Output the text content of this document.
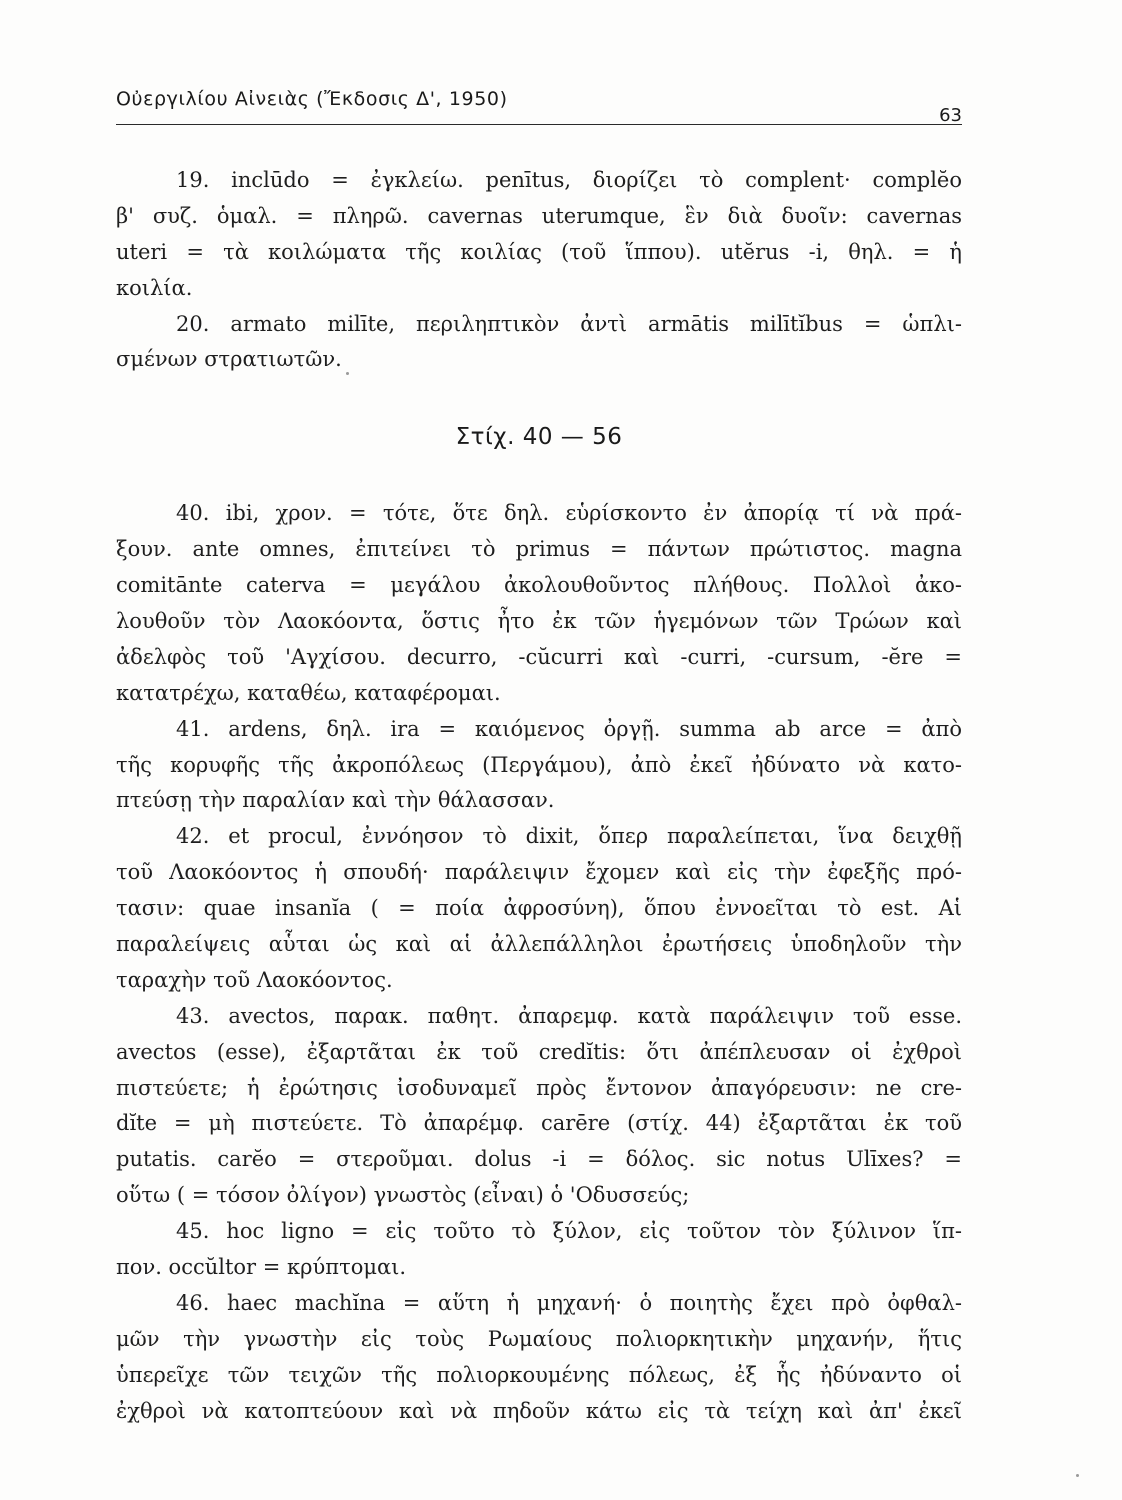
Οὐεργιλίου Αἰνειὰς (Ἔκδοσις Δ', 1950)
63
19. inclūdo = ἐγκλείω. penītus, διορίζει τὸ complent· complĕo
β' συζ. ὁμαλ. = πληρῶ. cavernas uterumque, ἓν διὰ δυοῖν: cavernas
uteri = τὰ κοιλώματα τῆς κοιλίας (τοῦ ἵππου). utĕrus -i, θηλ. = ἡ
κοιλία.
20. armato milīte, περιληπτικὸν ἀντὶ armātis milītĭbus = ὡπλι-
σμένων στρατιωτῶν.
Στίχ. 40 — 56
40. ibi, χρον. = τότε, ὅτε δηλ. εὑρίσκοντο ἐν ἀπορίᾳ τί νὰ πρά-
ξουν. ante omnes, ἐπιτείνει τὸ primus = πάντων πρώτιστος. magna
comitānte caterva = μεγάλου ἀκολουθοῦντος πλήθους. Πολλοὶ ἀκο-
λουθοῦν τὸν Λαοκόοντα, ὅστις ἦτο ἐκ τῶν ἡγεμόνων τῶν Τρώων καὶ
ἀδελφὸς τοῦ 'Αγχίσου. decurro, -cŭcurri καὶ -curri, -cursum, -ĕre =
κατατρέχω, καταθέω, καταφέρομαι.
41. ardens, δηλ. ira = καιόμενος ὀργῇ. summa ab arce = ἀπὸ
τῆς κορυφῆς τῆς ἀκροπόλεως (Περγάμου), ἀπὸ ἐκεῖ ἠδύνατο νὰ κατο-
πτεύσῃ τὴν παραλίαν καὶ τὴν θάλασσαν.
42. et procul, ἐννόησον τὸ dixit, ὅπερ παραλείπεται, ἵνα δειχθῇ
τοῦ Λαοκόοντος ἡ σπουδή· παράλειψιν ἔχομεν καὶ εἰς τὴν ἐφεξῆς πρό-
τασιν: quae insanĭa ( = ποία ἀφροσύνη), ὅπου ἐννοεῖται τὸ est. Αἱ
παραλείψεις αὗται ὡς καὶ αἱ ἀλλεπάλληλοι ἐρωτήσεις ὑποδηλοῦν τὴν
ταραχὴν τοῦ Λαοκόοντος.
43. avectos, παρακ. παθητ. ἀπαρεμφ. κατὰ παράλειψιν τοῦ esse.
avectos (esse), ἐξαρτᾶται ἐκ τοῦ credĭtis: ὅτι ἀπέπλευσαν οἱ ἐχθροὶ
πιστεύετε; ἡ ἐρώτησις ἰσοδυναμεῖ πρὸς ἔντονον ἀπαγόρευσιν: ne cre-
dĭte = μὴ πιστεύετε. Τὸ ἀπαρέμφ. carēre (στίχ. 44) ἐξαρτᾶται ἐκ τοῦ
putatis. carĕo = στεροῦμαι. dolus -i = δόλος. sic notus Ulīxes? =
οὕτω ( = τόσον ὀλίγον) γνωστὸς (εἶναι) ὁ 'Οδυσσεύς;
45. hoc ligno = εἰς τοῦτο τὸ ξύλον, εἰς τοῦτον τὸν ξύλινον ἵπ-
πον. occŭltor = κρύπτομαι.
46. haec machĭna = αὕτη ἡ μηχανή· ὁ ποιητὴς ἔχει πρὸ ὀφθαλ-
μῶν τὴν γνωστὴν εἰς τοὺς Ρωμαίους πολιορκητικὴν μηχανήν, ἥτις
ὑπερεῖχε τῶν τειχῶν τῆς πολιορκουμένης πόλεως, ἐξ ἧς ἠδύναντο οἱ
ἐχθροὶ νὰ κατοπτεύουν καὶ νὰ πηδοῦν κάτω εἰς τὰ τείχη καὶ ἀπ' ἐκεῖ
